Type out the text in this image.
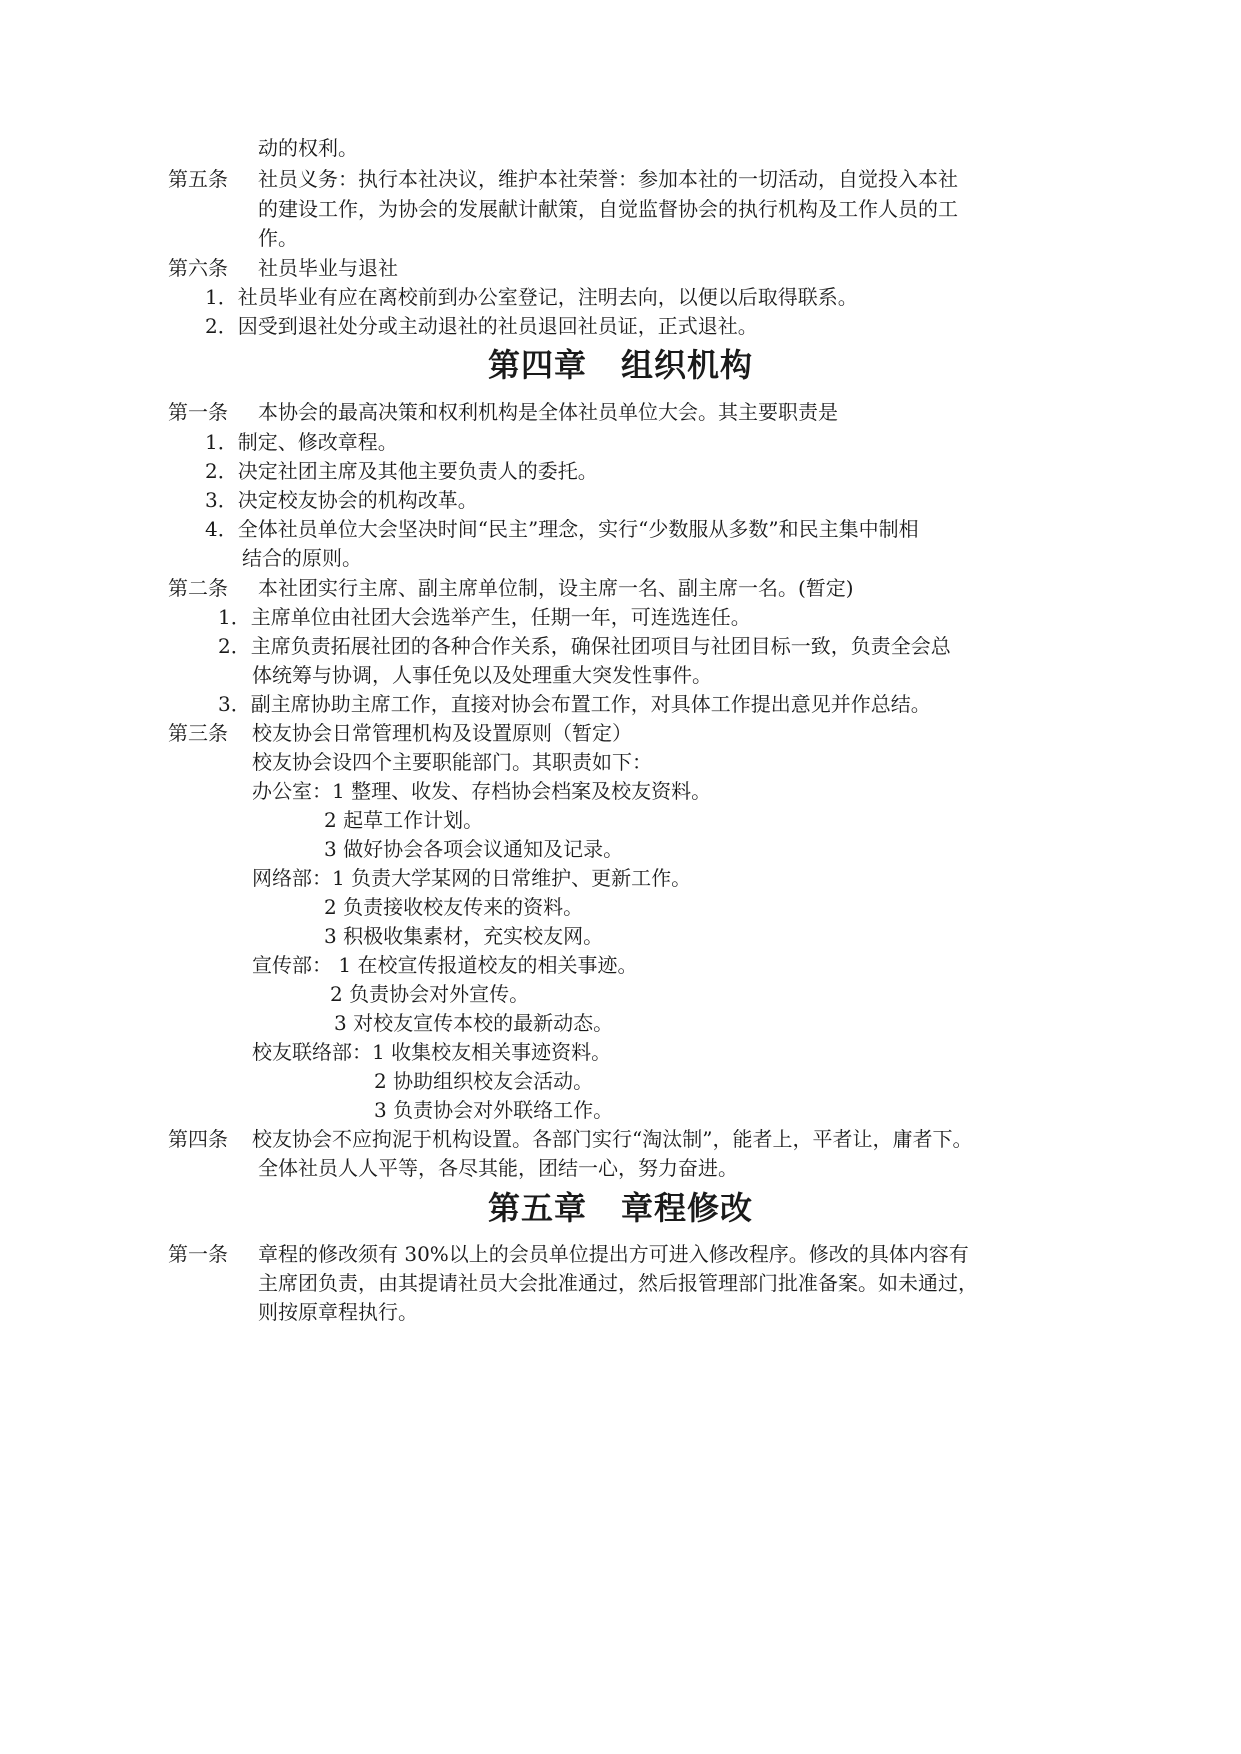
动的权利。
第五条 社员义务：执行本社决议，维护本社荣誉：参加本社的一切活动，自觉投入本社
的建设工作，为协会的发展献计献策，自觉监督协会的执行机构及工作人员的工
作。
第六条 社员毕业与退社
1．社员毕业有应在离校前到办公室登记，注明去向，以便以后取得联系。
2．因受到退社处分或主动退社的社员退回社员证，正式退社。
第四章 组织机构
第一条 本协会的最高决策和权利机构是全体社员单位大会。其主要职责是
1．制定、修改章程。
2．决定社团主席及其他主要负责人的委托。
3．决定校友协会的机构改革。
4．全体社员单位大会坚决时间“民主”理念，实行“少数服从多数”和民主集中制相
结合的原则。
第二条 本社团实行主席、副主席单位制，设主席一名、副主席一名。(暂定)
1．主席单位由社团大会选举产生，任期一年，可连选连任。
2．主席负责拓展社团的各种合作关系，确保社团项目与社团目标一致，负责全会总
体统筹与协调，人事任免以及处理重大突发性事件。
3．副主席协助主席工作，直接对协会布置工作，对具体工作提出意见并作总结。
第三条 校友协会日常管理机构及设置原则（暂定）
校友协会设四个主要职能部门。其职责如下：
办公室：1 整理、收发、存档协会档案及校友资料。
2 起草工作计划。
3 做好协会各项会议通知及记录。
网络部：1 负责大学某网的日常维护、更新工作。
2 负责接收校友传来的资料。
3 积极收集素材，充实校友网。
宣传部： 1 在校宣传报道校友的相关事迹。
2 负责协会对外宣传。
3 对校友宣传本校的最新动态。
校友联络部：1 收集校友相关事迹资料。
2 协助组织校友会活动。
3 负责协会对外联络工作。
第四条 校友协会不应拘泥于机构设置。各部门实行“淘汰制”，能者上，平者让，庸者下。
全体社员人人平等，各尽其能，团结一心，努力奋进。
第五章 章程修改
第一条 章程的修改须有 30%以上的会员单位提出方可进入修改程序。修改的具体内容有
主席团负责，由其提请社员大会批准通过，然后报管理部门批准备案。如未通过，
则按原章程执行。
